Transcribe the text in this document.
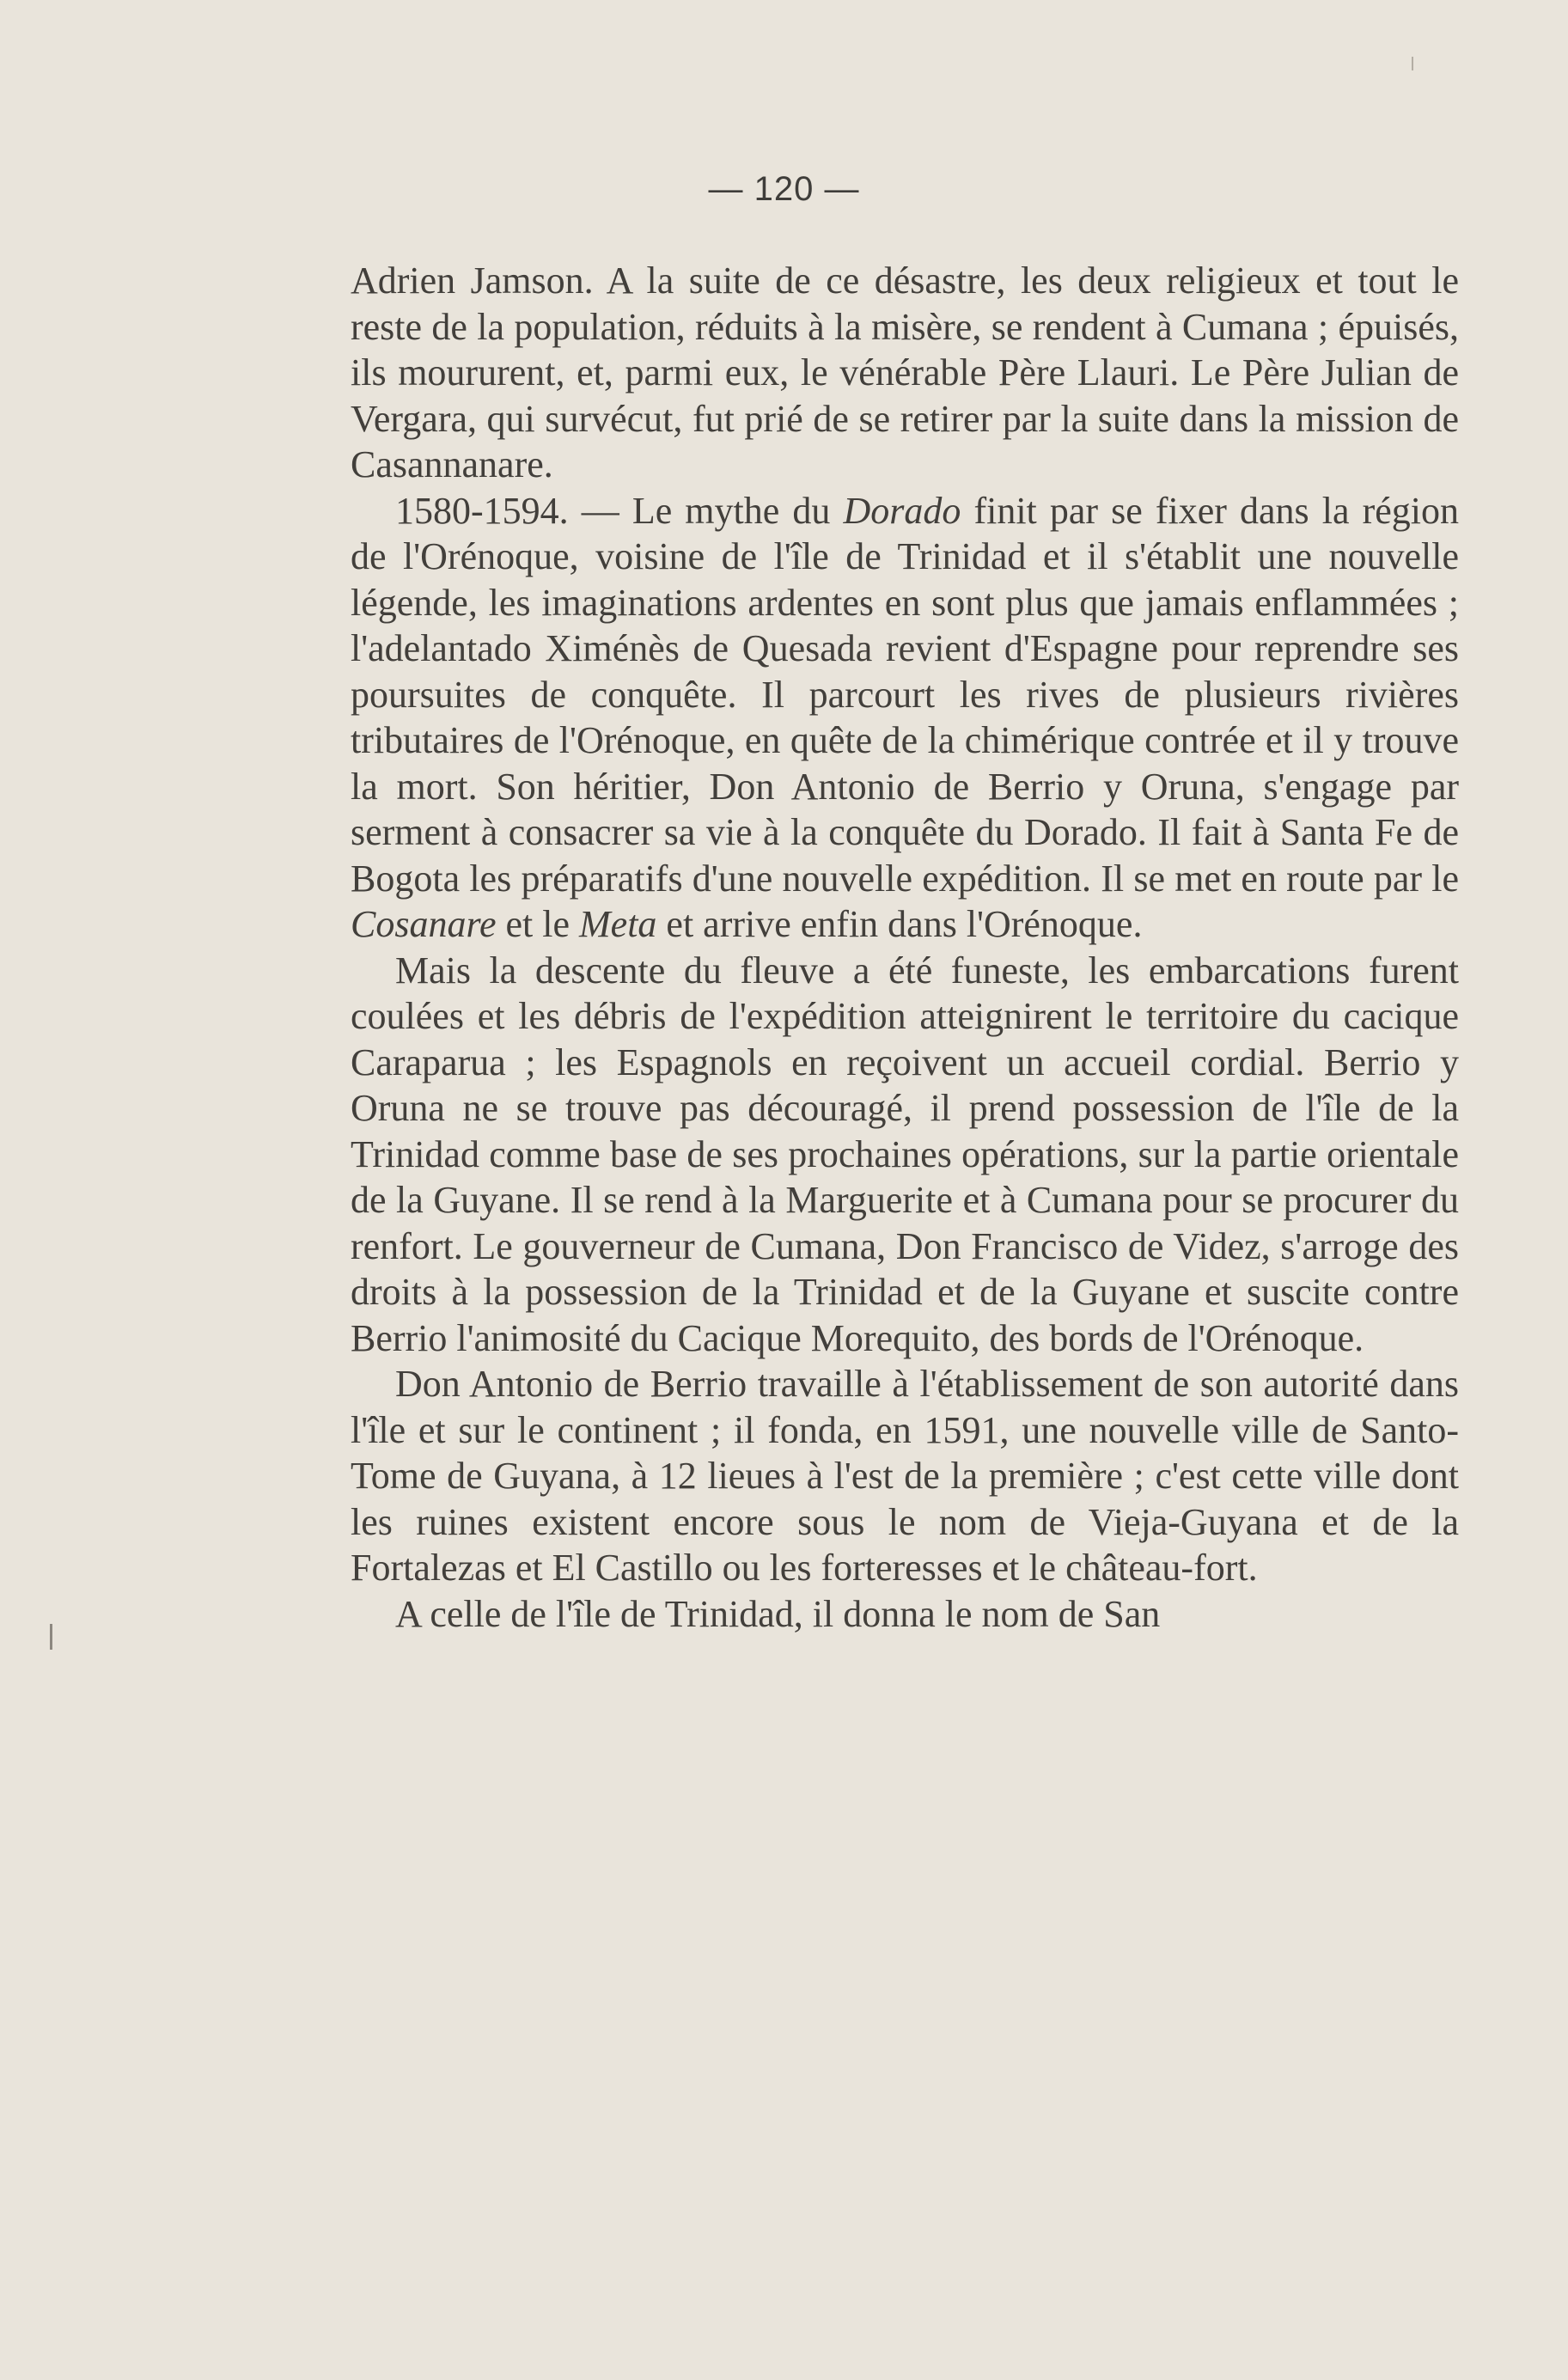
— 120 —

Adrien Jamson. A la suite de ce désastre, les deux religieux et tout le reste de la population, réduits à la misère, se rendent à Cumana ; épuisés, ils moururent, et, parmi eux, le vénérable Père Llauri. Le Père Julian de Vergara, qui survécut, fut prié de se retirer par la suite dans la mission de Casannanare.

1580-1594. — Le mythe du Dorado finit par se fixer dans la région de l'Orénoque, voisine de l'île de Trinidad et il s'établit une nouvelle légende, les imaginations ardentes en sont plus que jamais enflammées ; l'adelantado Ximénès de Quesada revient d'Espagne pour reprendre ses poursuites de conquête. Il parcourt les rives de plusieurs rivières tributaires de l'Orénoque, en quête de la chimérique contrée et il y trouve la mort. Son héritier, Don Antonio de Berrio y Oruna, s'engage par serment à consacrer sa vie à la conquête du Dorado. Il fait à Santa Fe de Bogota les préparatifs d'une nouvelle expédition. Il se met en route par le Cosanare et le Meta et arrive enfin dans l'Orénoque.

Mais la descente du fleuve a été funeste, les embarcations furent coulées et les débris de l'expédition atteignirent le territoire du cacique Caraparua ; les Espagnols en reçoivent un accueil cordial. Berrio y Oruna ne se trouve pas découragé, il prend possession de l'île de la Trinidad comme base de ses prochaines opérations, sur la partie orientale de la Guyane. Il se rend à la Marguerite et à Cumana pour se procurer du renfort. Le gouverneur de Cumana, Don Francisco de Videz, s'arroge des droits à la possession de la Trinidad et de la Guyane et suscite contre Berrio l'animosité du Cacique Morequito, des bords de l'Orénoque.

Don Antonio de Berrio travaille à l'établissement de son autorité dans l'île et sur le continent ; il fonda, en 1591, une nouvelle ville de Santo-Tome de Guyana, à 12 lieues à l'est de la première ; c'est cette ville dont les ruines existent encore sous le nom de Vieja-Guyana et de la Fortalezas et El Castillo ou les forteresses et le château-fort.

A celle de l'île de Trinidad, il donna le nom de San
